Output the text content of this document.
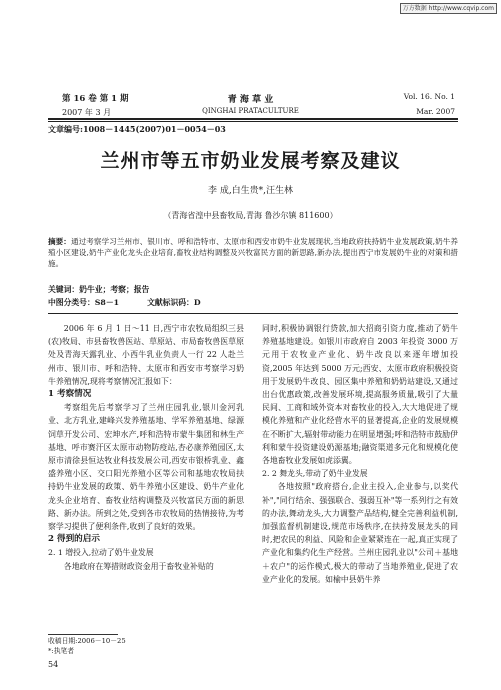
万方数据 http://www.cqvip.com
第 16 卷 第 1 期
2007 年 3 月
青 海 草 业
QINGHAI PRATACULTURE
Vol. 16. No. 1
Mar. 2007
文章编号:1008－1445(2007)01－0054－03
兰州市等五市奶业发展考察及建议
李 成,白生贵*,汪生林
（青海省湟中县畜牧局,青海 鲁沙尔镇 811600）
摘要：通过考察学习兰州市、银川市、呼和浩特市、太原市和西安市奶牛业发展现状,当地政府扶持奶牛业发展政策,奶牛养殖小区建设,奶牛产业化龙头企业培育,畜牧业结构调整及兴牧富民方面的新思路,新办法,提出西宁市发展奶牛业的对策和措施。
关键词：奶牛业；考察；报告
中图分类号：S8－1	文献标识码：D

2006 年 6 月 1 日～11 日,西宁市农牧局组织三县(农)牧局、市县畜牧兽医站、草原站、市局畜牧兽医草原处及青海天露乳业、小西牛乳业负责人一行 22 人赴兰州市、银川市、呼和浩特、太原市和西安市考察学习奶牛养殖情况,现将考察情况汇报如下：

1 考察情况

考察组先后考察学习了兰州庄园乳业,银川金河乳业、北方乳业,建峰兴发养殖基地、学军养殖基地、绿源饲草开发公司、宏坤水产,呼和浩特市蒙牛集团和林生产基地、呼市赛汗区太原市动物防疫站,杏必康养殖园区,太原市清徐县恒达牧业科技发展公司,西安市银桥乳业、鑫盛养殖小区、交口阳光养殖小区等公司和基地农牧局扶持奶牛业发展的政策、奶牛养殖小区建设、奶牛产业化龙头企业培育、畜牧业结构调整及兴牧富民方面的新思路、新办法。所到之处,受到各市农牧局的热情接待,为考察学习提供了便利条件,收到了良好的效果。

2 得到的启示

2. 1 增投入,拉动了奶牛业发展

各地政府在筹措财政资金用于畜牧业补贴的

同时,积极协调银行贷款,加大招商引资力度,推动了奶牛养殖基地建设。如银川市政府自 2003 年投资 3000 万元用于农牧业产业化、奶牛改良以来逐年增加投资,2005 年达到 5000 万元;西安、太原市政府积极投资用于发展奶牛改良、园区集中养殖和奶奶站建设,又通过出台优惠政策,改善发展环境,提高服务质量,吸引了大量民间、工商和域外资本对畜牧业的投入,大大地促进了规模化养殖和产业化经营水平的显著提高,企业的发展规模在不断扩大,辐射带动能力在明显增强;呼和浩特市鼓励伊利和蒙牛投资建设奶源基地;融资渠道多元化和规模化使各地畜牧业发展如虎添翼。

2. 2 舞龙头,带动了奶牛业发展

各地按照"政府搭台,企业主投入,企业参与,以奖代补","同行结余、强强联合、强弱互补"等一系列行之有效的办法,舞动龙头,大力调整产品结构,健全完善利益机制,加强监督机制建设,规范市场秩序,在扶持发展龙头的同时,把农民的利益、风险和企业紧紧连在一起,真正实现了产业化和集约化生产经营。兰州庄园乳业以"公司＋基地＋农户"的运作模式,极大的带动了当地养殖业,促进了农业产业化的发展。如榆中县奶牛养

收稿日期:2006－10－25
*:执笔者
54
